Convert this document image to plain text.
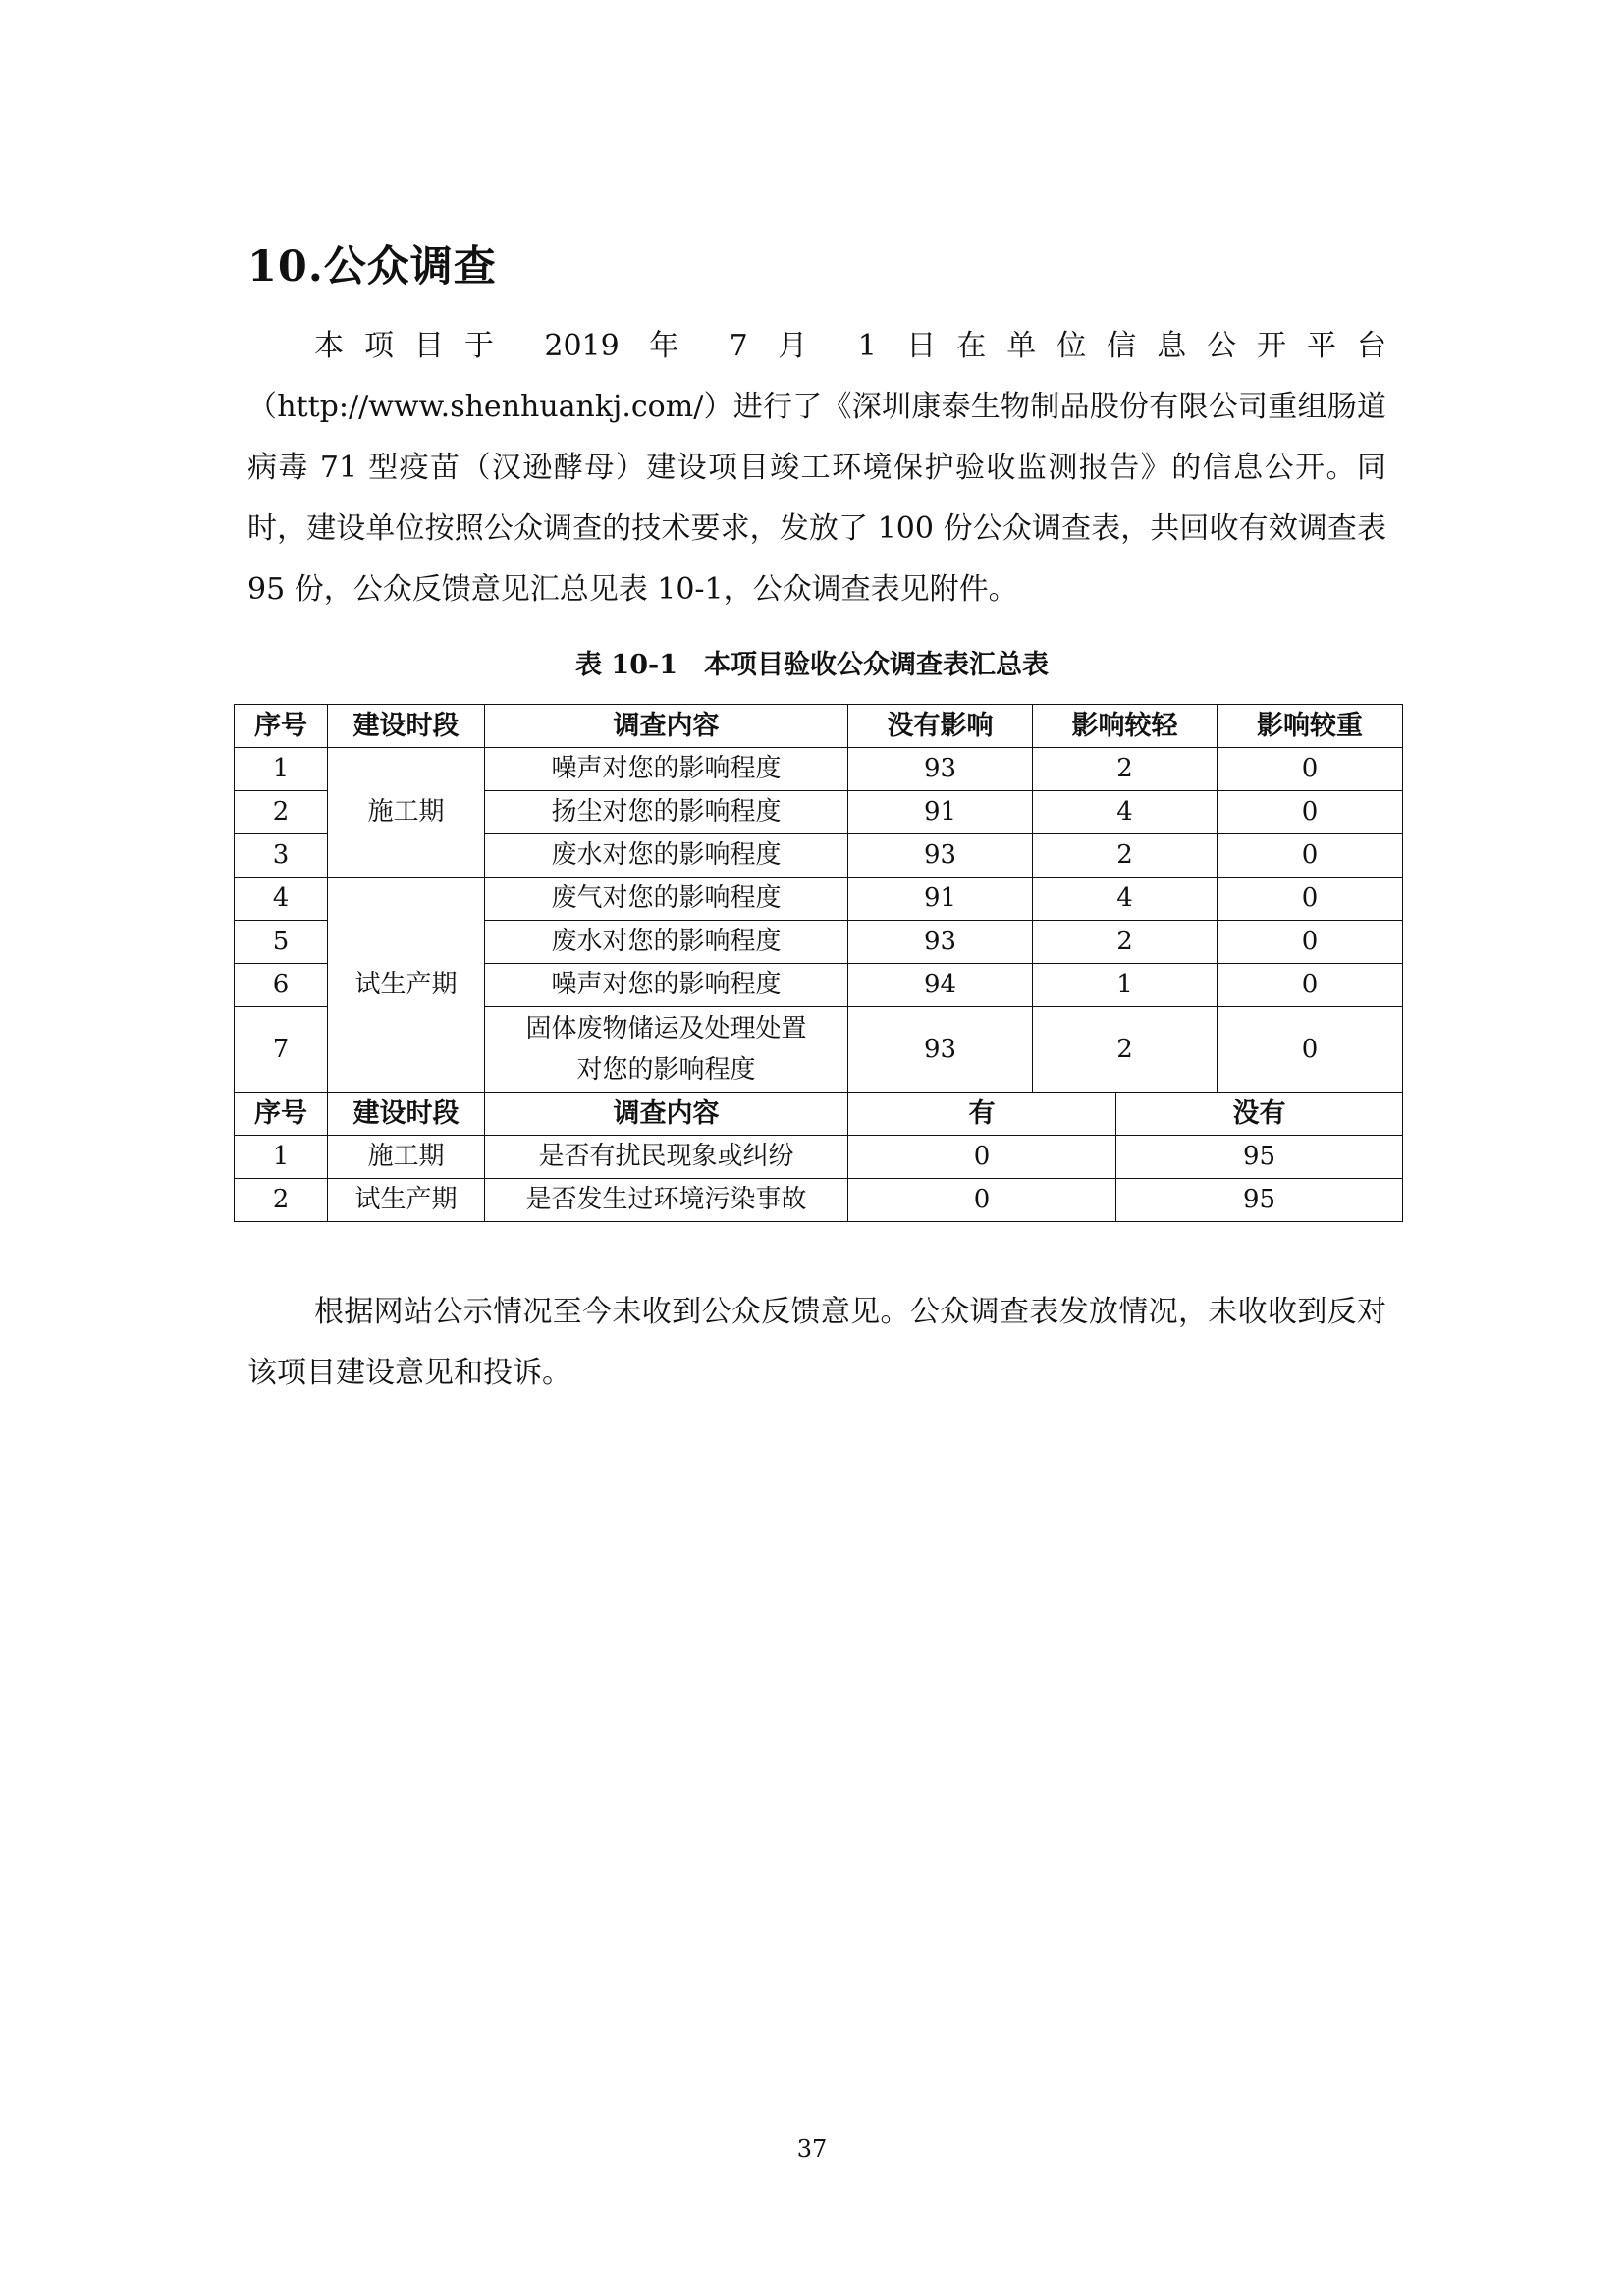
10.公众调查

本项目于 2019 年 7 月 1 日在单位信息公开平台（http://www.shenhuankj.com/）进行了《深圳康泰生物制品股份有限公司重组肠道病毒 71 型疫苗（汉逊酵母）建设项目竣工环境保护验收监测报告》的信息公开。同时，建设单位按照公众调查的技术要求，发放了 100 份公众调查表，共回收有效调查表 95 份，公众反馈意见汇总见表 10-1，公众调查表见附件。

表 10-1　本项目验收公众调查表汇总表

序号	建设时段	调查内容	没有影响	影响较轻		影响较重
1	施工期	噪声对您的影响程度	93	2		0
2		扬尘对您的影响程度	91	4		0
3		废水对您的影响程度	93	2		0
4	试生产期	废气对您的影响程度	91	4		0
5		废水对您的影响程度	93	2		0
6		噪声对您的影响程度	94	1		0
7		固体废物储运及处理处置
对您的影响程度	93	2		0
序号	建设时段	调查内容	有		没有	
1	施工期	是否有扰民现象或纠纷	0		95	
2	试生产期	是否发生过环境污染事故	0		95	

根据网站公示情况至今未收到公众反馈意见。公众调查表发放情况，未收收到反对该项目建设意见和投诉。

37
